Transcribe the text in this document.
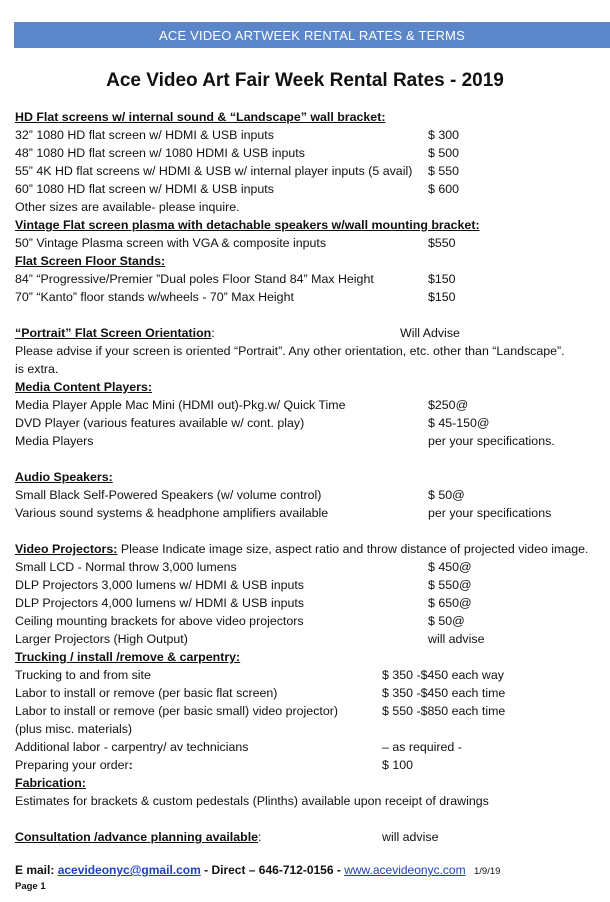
ACE VIDEO ARTWEEK RENTAL RATES & TERMS
Ace Video Art Fair Week Rental Rates - 2019
HD Flat screens w/ internal sound & “Landscape” wall bracket:
32” 1080 HD flat screen w/ HDMI & USB inputs	$ 300
48” 1080 HD flat screen w/ 1080 HDMI & USB inputs	$ 500
55” 4K HD flat screens w/ HDMI & USB w/ internal player inputs (5 avail) $ 550
60” 1080 HD flat screen w/ HDMI & USB inputs	$ 600
Other sizes are available- please inquire.
Vintage Flat screen plasma with detachable speakers w/wall mounting bracket:
50” Vintage Plasma screen with VGA & composite inputs	$550
Flat Screen Floor Stands:
84” “Progressive/Premier ”Dual poles Floor Stand 84” Max Height	$150
70” “Kanto” floor stands w/wheels - 70” Max Height	$150
“Portrait” Flat Screen Orientation:	Will Advise
Please advise if your screen is oriented “Portrait”. Any other orientation, etc. other than “Landscape”.
is extra.
Media Content Players:
Media Player Apple Mac Mini (HDMI out)-Pkg.w/ Quick Time	$250@
DVD Player (various features available w/ cont. play)	$ 45-150@
Media Players	per your specifications.
Audio Speakers:
Small Black Self-Powered Speakers (w/ volume control)	$ 50@
Various sound systems & headphone amplifiers available	per your specifications
Video Projectors: Please Indicate image size, aspect ratio and throw distance of projected video image.
Small LCD - Normal throw 3,000 lumens	$ 450@
DLP Projectors 3,000 lumens w/ HDMI & USB inputs	$ 550@
DLP Projectors 4,000 lumens w/ HDMI & USB inputs	$ 650@
Ceiling mounting brackets for above video projectors	$ 50@
Larger Projectors (High Output)	will advise
Trucking / install /remove & carpentry:
Trucking to and from site	$ 350 -$450 each way
Labor to install or remove (per basic flat screen)	$ 350 -$450 each time
Labor to install or remove (per basic small) video projector)	$ 550 -$850 each time
(plus misc. materials)
Additional labor - carpentry/ av technicians	– as required -
Preparing your order:	$ 100
Fabrication:
Estimates for brackets & custom pedestals (Plinths) available upon receipt of drawings
Consultation /advance planning available:	will advise
E mail: acevideonyc@gmail.com - Direct – 646-712-0156 - www.acevideonyc.com 1/9/19
Page 1
